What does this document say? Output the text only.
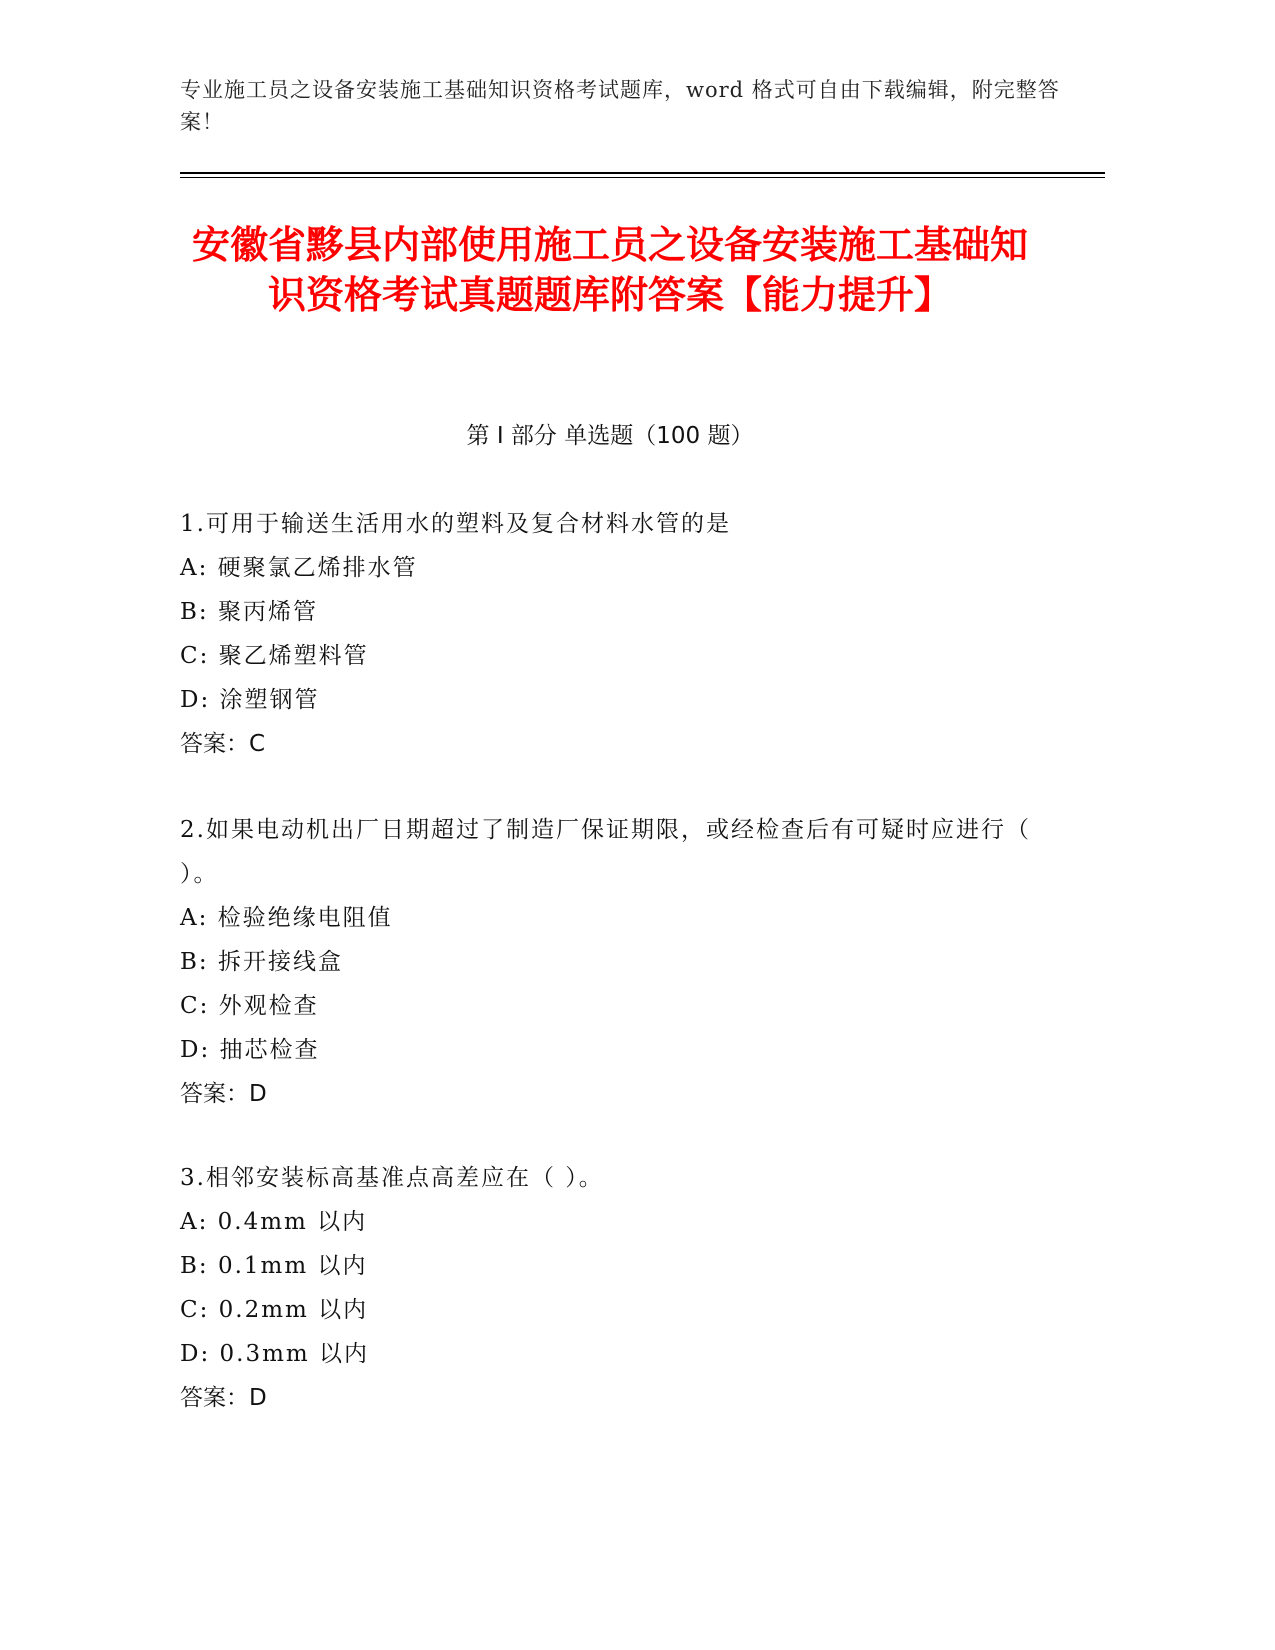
专业施工员之设备安装施工基础知识资格考试题库，word 格式可自由下载编辑，附完整答案！
安徽省黟县内部使用施工员之设备安装施工基础知识资格考试真题题库附答案【能力提升】
第 I 部分 单选题（100 题）

1.可用于输送生活用水的塑料及复合材料水管的是

A: 硬聚氯乙烯排水管

B: 聚丙烯管

C: 聚乙烯塑料管

D: 涂塑钢管

答案：C

2.如果电动机出厂日期超过了制造厂保证期限，或经检查后有可疑时应进行（ ）。

A: 检验绝缘电阻值

B: 拆开接线盒

C: 外观检查

D: 抽芯检查

答案：D

3.相邻安装标高基准点高差应在（ ）。

A: 0.4mm 以内

B: 0.1mm 以内

C: 0.2mm 以内

D: 0.3mm 以内

答案：D
